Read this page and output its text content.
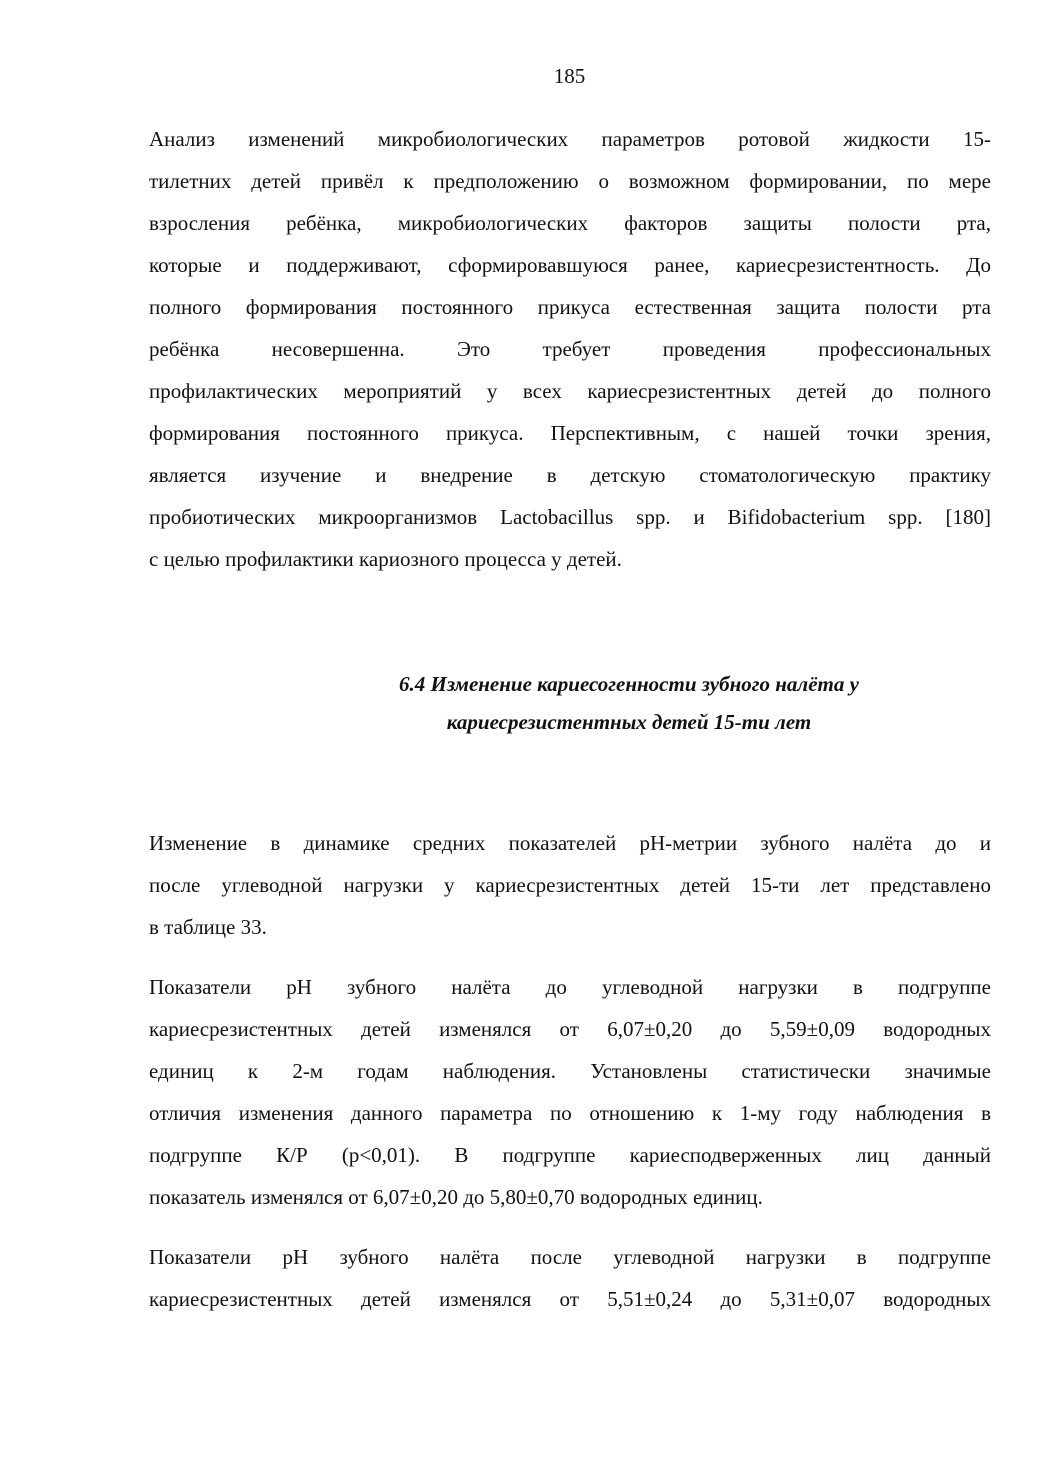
185
Анализ изменений микробиологических параметров ротовой жидкости 15-
тилетних детей привёл к предположению о возможном формировании, по мере
взросления ребёнка, микробиологических факторов защиты полости рта,
которые и поддерживают, сформировавшуюся ранее, кариесрезистентность. До
полного формирования постоянного прикуса естественная защита полости рта
ребёнка несовершенна. Это требует проведения профессиональных
профилактических мероприятий у всех кариесрезистентных детей до полного
формирования постоянного прикуса. Перспективным, с нашей точки зрения,
является изучение и внедрение в детскую стоматологическую практику
пробиотических микроорганизмов Lactobacillus spp. и Bifidobacterium spp. [180]
с целью профилактики кариозного процесса у детей.
6.4 Изменение кариесогенности зубного налёта у
кариесрезистентных детей 15-ти лет
Изменение в динамике средних показателей pH-метрии зубного налёта до и
после углеводной нагрузки у кариесрезистентных детей 15-ти лет представлено
в таблице 33.
Показатели pH зубного налёта до углеводной нагрузки в подгруппе
кариесрезистентных детей изменялся от 6,07±0,20 до 5,59±0,09 водородных
единиц к 2-м годам наблюдения. Установлены статистически значимые
отличия изменения данного параметра по отношению к 1-му году наблюдения в
подгруппе К/Р (р<0,01). В подгруппе кариесподверженных лиц данный
показатель изменялся от 6,07±0,20 до 5,80±0,70 водородных единиц.
Показатели pH зубного налёта после углеводной нагрузки в подгруппе
кариесрезистентных детей изменялся от 5,51±0,24 до 5,31±0,07 водородных
